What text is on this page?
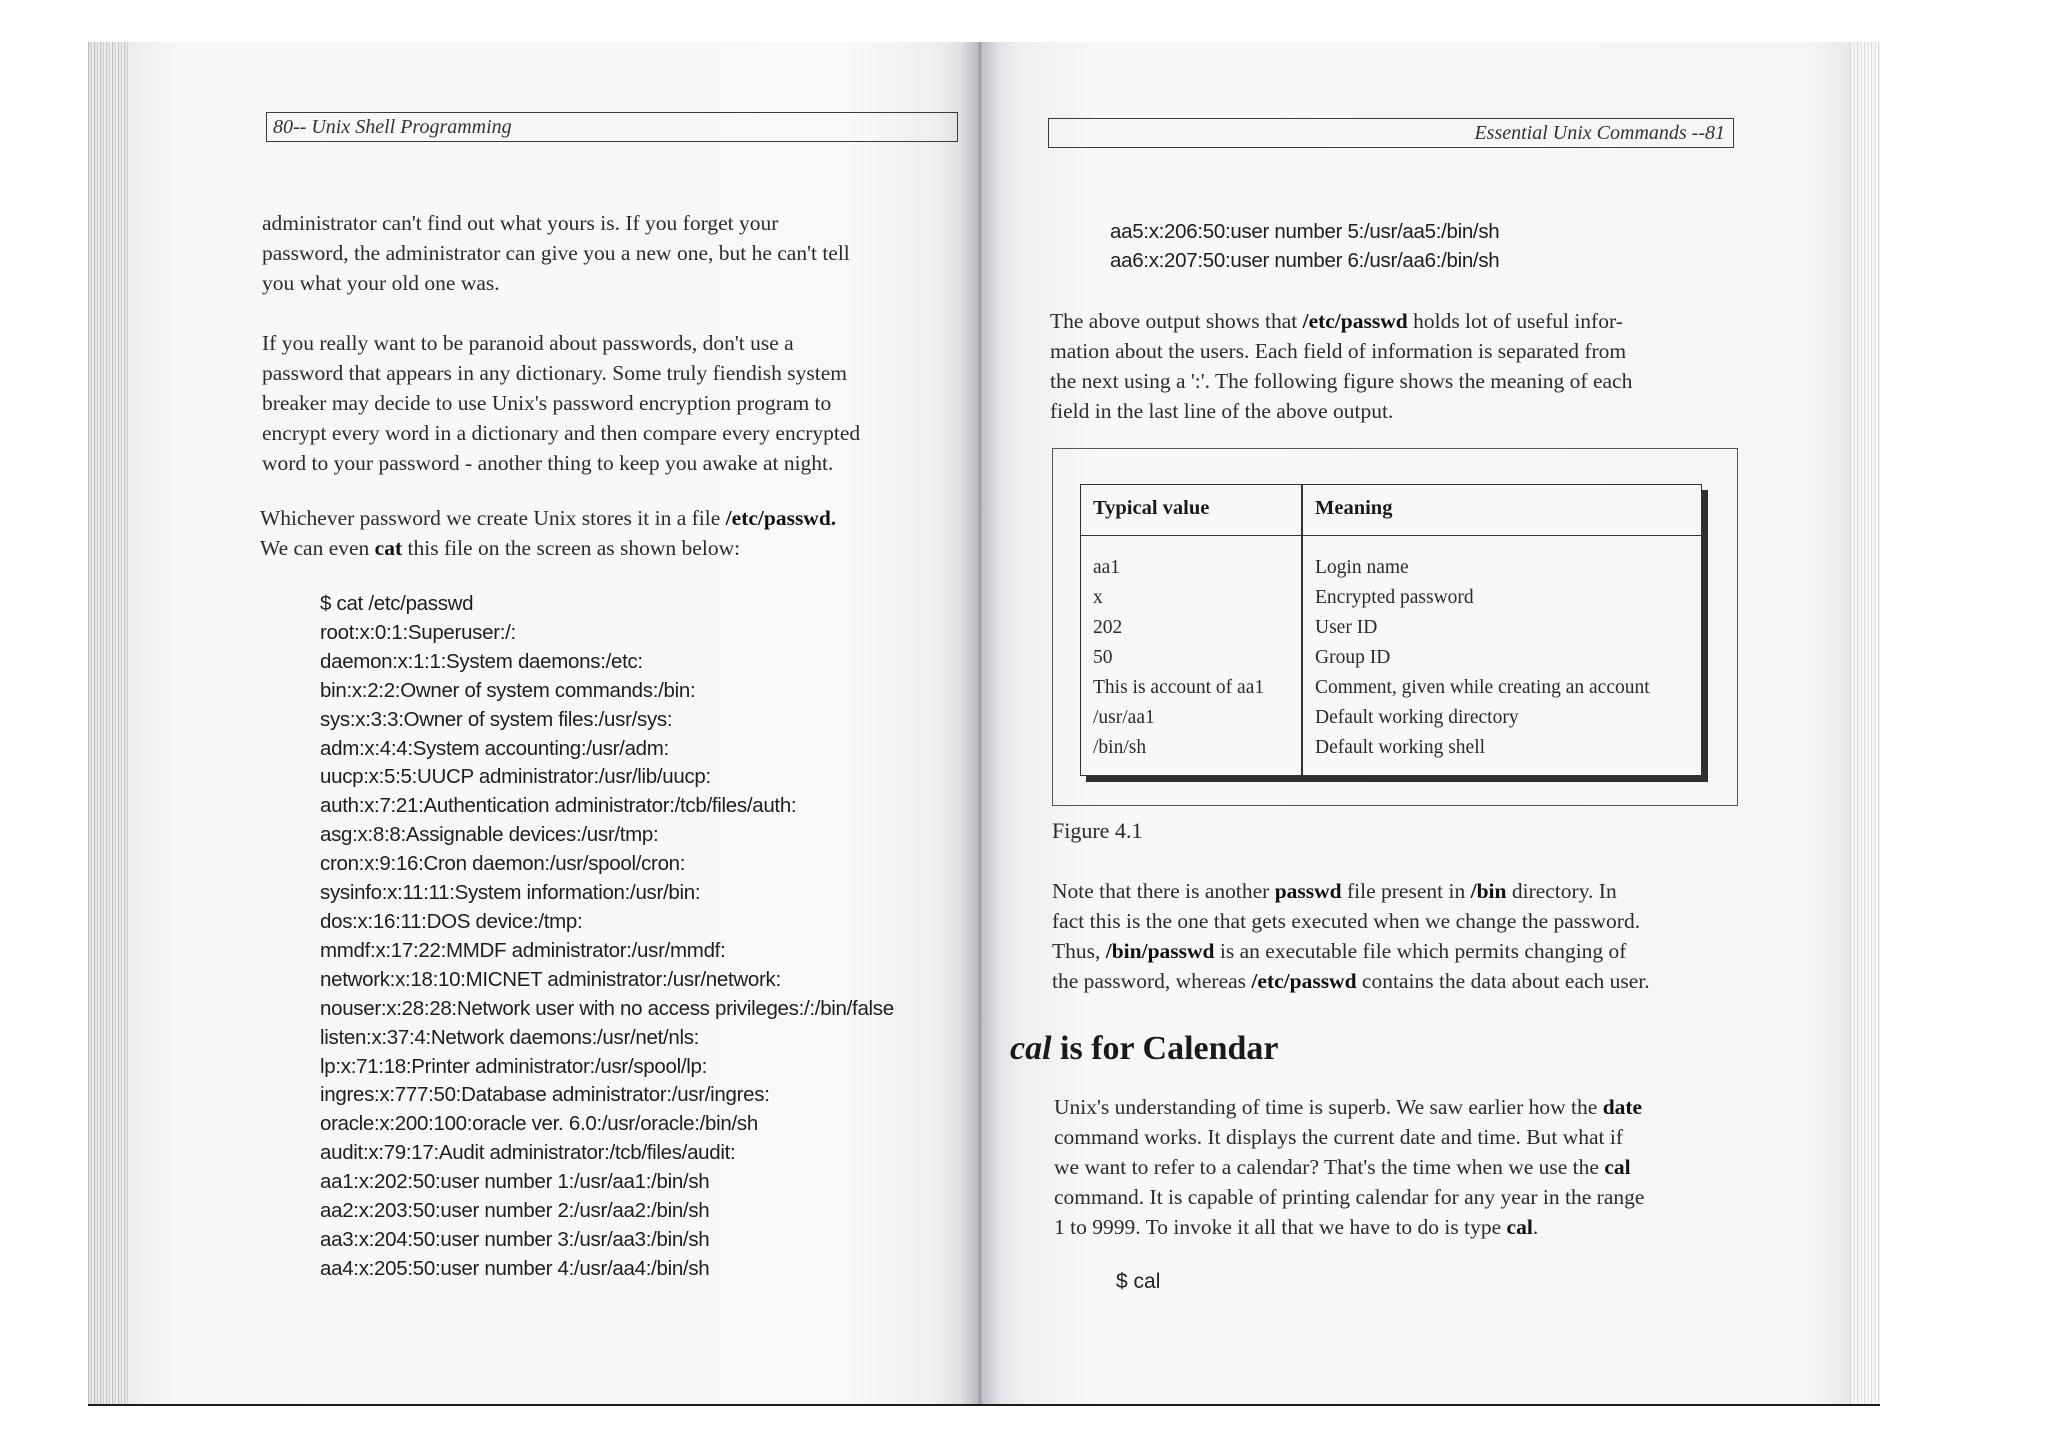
80-- Unix Shell Programming
administrator can't find out what yours is. If you forget your
password, the administrator can give you a new one, but he can't tell
you what your old one was.
If you really want to be paranoid about passwords, don't use a
password that appears in any dictionary. Some truly fiendish system
breaker may decide to use Unix's password encryption program to
encrypt every word in a dictionary and then compare every encrypted
word to your password - another thing to keep you awake at night.
Whichever password we create Unix stores it in a file /etc/passwd.
We can even cat this file on the screen as shown below:
$ cat /etc/passwd
root:x:0:1:Superuser:/:
daemon:x:1:1:System daemons:/etc:
bin:x:2:2:Owner of system commands:/bin:
sys:x:3:3:Owner of system files:/usr/sys:
adm:x:4:4:System accounting:/usr/adm:
uucp:x:5:5:UUCP administrator:/usr/lib/uucp:
auth:x:7:21:Authentication administrator:/tcb/files/auth:
asg:x:8:8:Assignable devices:/usr/tmp:
cron:x:9:16:Cron daemon:/usr/spool/cron:
sysinfo:x:11:11:System information:/usr/bin:
dos:x:16:11:DOS device:/tmp:
mmdf:x:17:22:MMDF administrator:/usr/mmdf:
network:x:18:10:MICNET administrator:/usr/network:
nouser:x:28:28:Network user with no access privileges:/:/bin/false
listen:x:37:4:Network daemons:/usr/net/nls:
lp:x:71:18:Printer administrator:/usr/spool/lp:
ingres:x:777:50:Database administrator:/usr/ingres:
oracle:x:200:100:oracle ver. 6.0:/usr/oracle:/bin/sh
audit:x:79:17:Audit administrator:/tcb/files/audit:
aa1:x:202:50:user number 1:/usr/aa1:/bin/sh
aa2:x:203:50:user number 2:/usr/aa2:/bin/sh
aa3:x:204:50:user number 3:/usr/aa3:/bin/sh
aa4:x:205:50:user number 4:/usr/aa4:/bin/sh
Essential Unix Commands --81
aa5:x:206:50:user number 5:/usr/aa5:/bin/sh
aa6:x:207:50:user number 6:/usr/aa6:/bin/sh
The above output shows that /etc/passwd holds lot of useful infor-
mation about the users. Each field of information is separated from
the next using a ':'. The following figure shows the meaning of each
field in the last line of the above output.
Typical value	Meaning
aa1
x
202
50
This is account of aa1
/usr/aa1
/bin/sh
Login name
Encrypted password
User ID
Group ID
Comment, given while creating an account
Default working directory
Default working shell
Figure 4.1
Note that there is another passwd file present in /bin directory. In
fact this is the one that gets executed when we change the password.
Thus, /bin/passwd is an executable file which permits changing of
the password, whereas /etc/passwd contains the data about each user.
cal is for Calendar
Unix's understanding of time is superb. We saw earlier how the date
command works. It displays the current date and time. But what if
we want to refer to a calendar? That's the time when we use the cal
command. It is capable of printing calendar for any year in the range
1 to 9999. To invoke it all that we have to do is type cal.
$ cal
